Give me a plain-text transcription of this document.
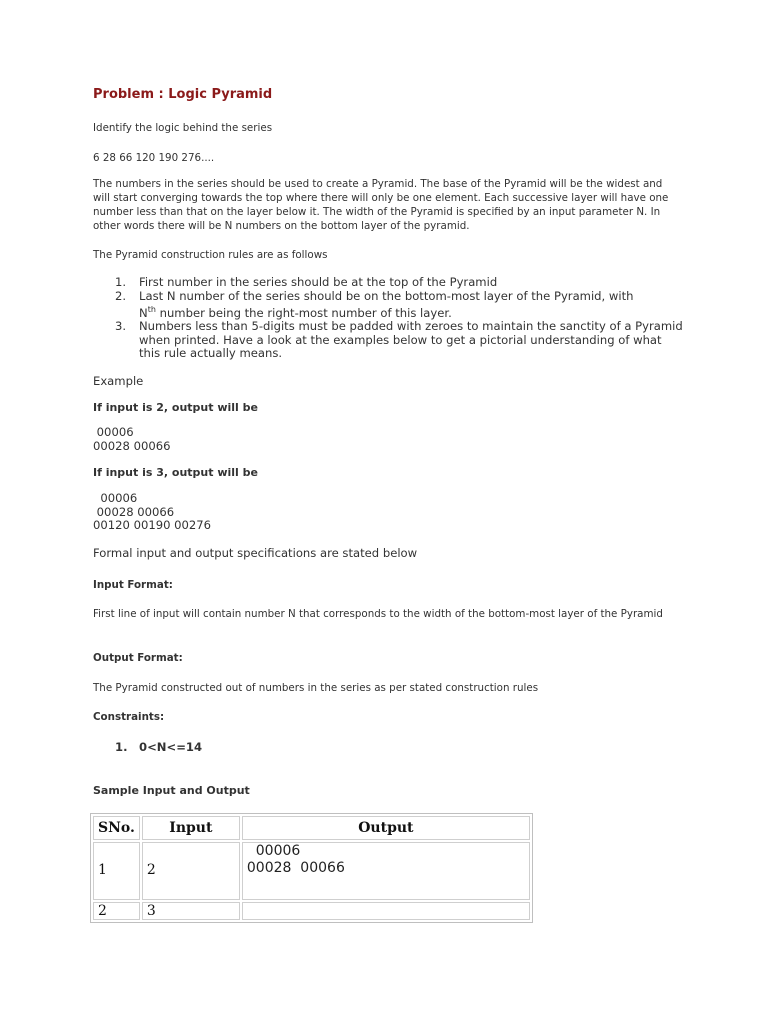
Problem : Logic Pyramid

Identify the logic behind the series

6 28 66 120 190 276....

The numbers in the series should be used to create a Pyramid. The base of the Pyramid will be the widest and will start converging towards the top where there will only be one element. Each successive layer will have one number less than that on the layer below it. The width of the Pyramid is specified by an input parameter N. In other words there will be N numbers on the bottom layer of the pyramid.

The Pyramid construction rules are as follows

1. First number in the series should be at the top of the Pyramid
2. Last N number of the series should be on the bottom-most layer of the Pyramid, with
$N^{th}$ number being the right-most number of this layer.
3. Numbers less than 5-digits must be padded with zeroes to maintain the sanctity of a Pyramid when printed. Have a look at the examples below to get a pictorial understanding of what this rule actually means.

Example

If input is 2, output will be
00006
00028 00066
If input is 3, output will be
00006
00028 00066
00120 00190 00276

Formal input and output specifications are stated below

Input Format:

First line of input will contain number N that corresponds to the width of the bottom-most layer of the Pyramid

Output Format:

The Pyramid constructed out of numbers in the series as per stated construction rules

Constraints:
1. 0<N<=14
Sample Input and Output
SNo.	Input	Output
1	2	00006
00028  00066
2	3	
